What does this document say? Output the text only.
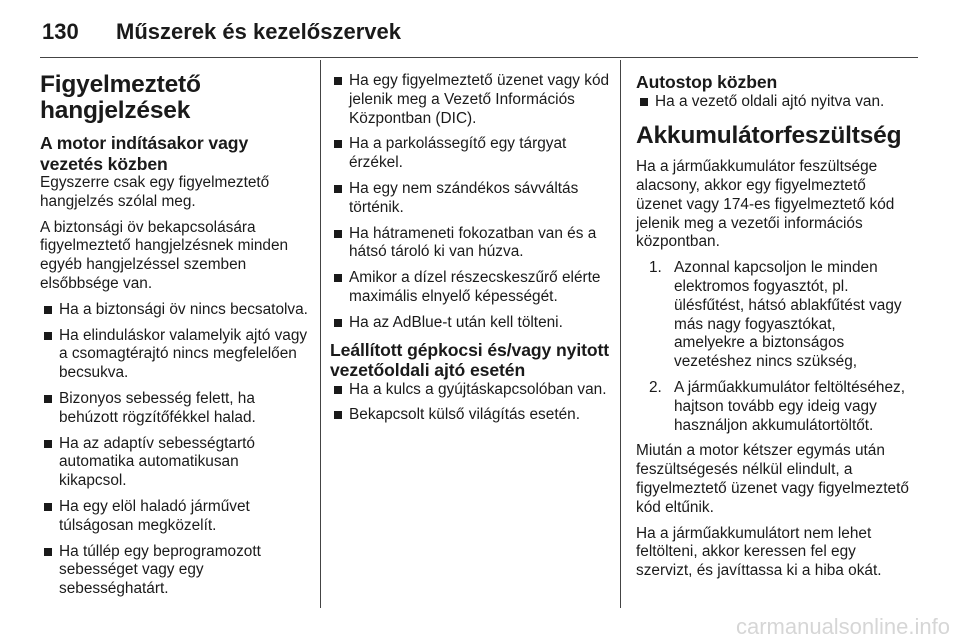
130	Műszerek és kezelőszervek
Figyelmeztető hangjelzések
A motor indításakor vagy vezetés közben

Egyszerre csak egy figyelmeztető hangjelzés szólal meg.

A biztonsági öv bekapcsolására figyelmeztető hangjelzésnek minden egyéb hangjelzéssel szemben elsőbbsége van.

Ha a biztonsági öv nincs becsatolva.
Ha elinduláskor valamelyik ajtó vagy a csomagtérajtó nincs megfelelően becsukva.
Bizonyos sebesség felett, ha behúzott rögzítőfékkel halad.
Ha az adaptív sebességtartó automatika automatikusan kikapcsol.
Ha egy elöl haladó járművet túlságosan megközelít.
Ha túllép egy beprogramozott sebességet vagy egy sebességhatárt.
Ha egy figyelmeztető üzenet vagy kód jelenik meg a Vezető Információs Központban (DIC).
Ha a parkolássegítő egy tárgyat érzékel.
Ha egy nem szándékos sávváltás történik.
Ha hátrameneti fokozatban van és a hátsó tároló ki van húzva.
Amikor a dízel részecskeszűrő elérte maximális elnyelő képességét.
Ha az AdBlue-t után kell tölteni.
Leállított gépkocsi és/vagy nyitott vezetőoldali ajtó esetén
Ha a kulcs a gyújtáskapcsolóban van.
Bekapcsolt külső világítás esetén.
Autostop közben
Ha a vezető oldali ajtó nyitva van.
Akkumulátorfeszültség

Ha a járműakkumulátor feszültsége alacsony, akkor egy figyelmeztető üzenet vagy 174-es figyelmeztető kód jelenik meg a vezetői információs központban.

1. Azonnal kapcsoljon le minden elektromos fogyasztót, pl. ülésfűtést, hátsó ablakfűtést vagy más nagy fogyasztókat, amelyekre a biztonságos vezetéshez nincs szükség,
2. A járműakkumulátor feltöltéséhez, hajtson tovább egy ideig vagy használjon akkumulátortöltőt.

Miután a motor kétszer egymás után feszültségesés nélkül elindult, a figyelmeztető üzenet vagy figyelmeztető kód eltűnik.

Ha a járműakkumulátort nem lehet feltölteni, akkor keressen fel egy szervizt, és javíttassa ki a hiba okát.

carmanualsonline.info
